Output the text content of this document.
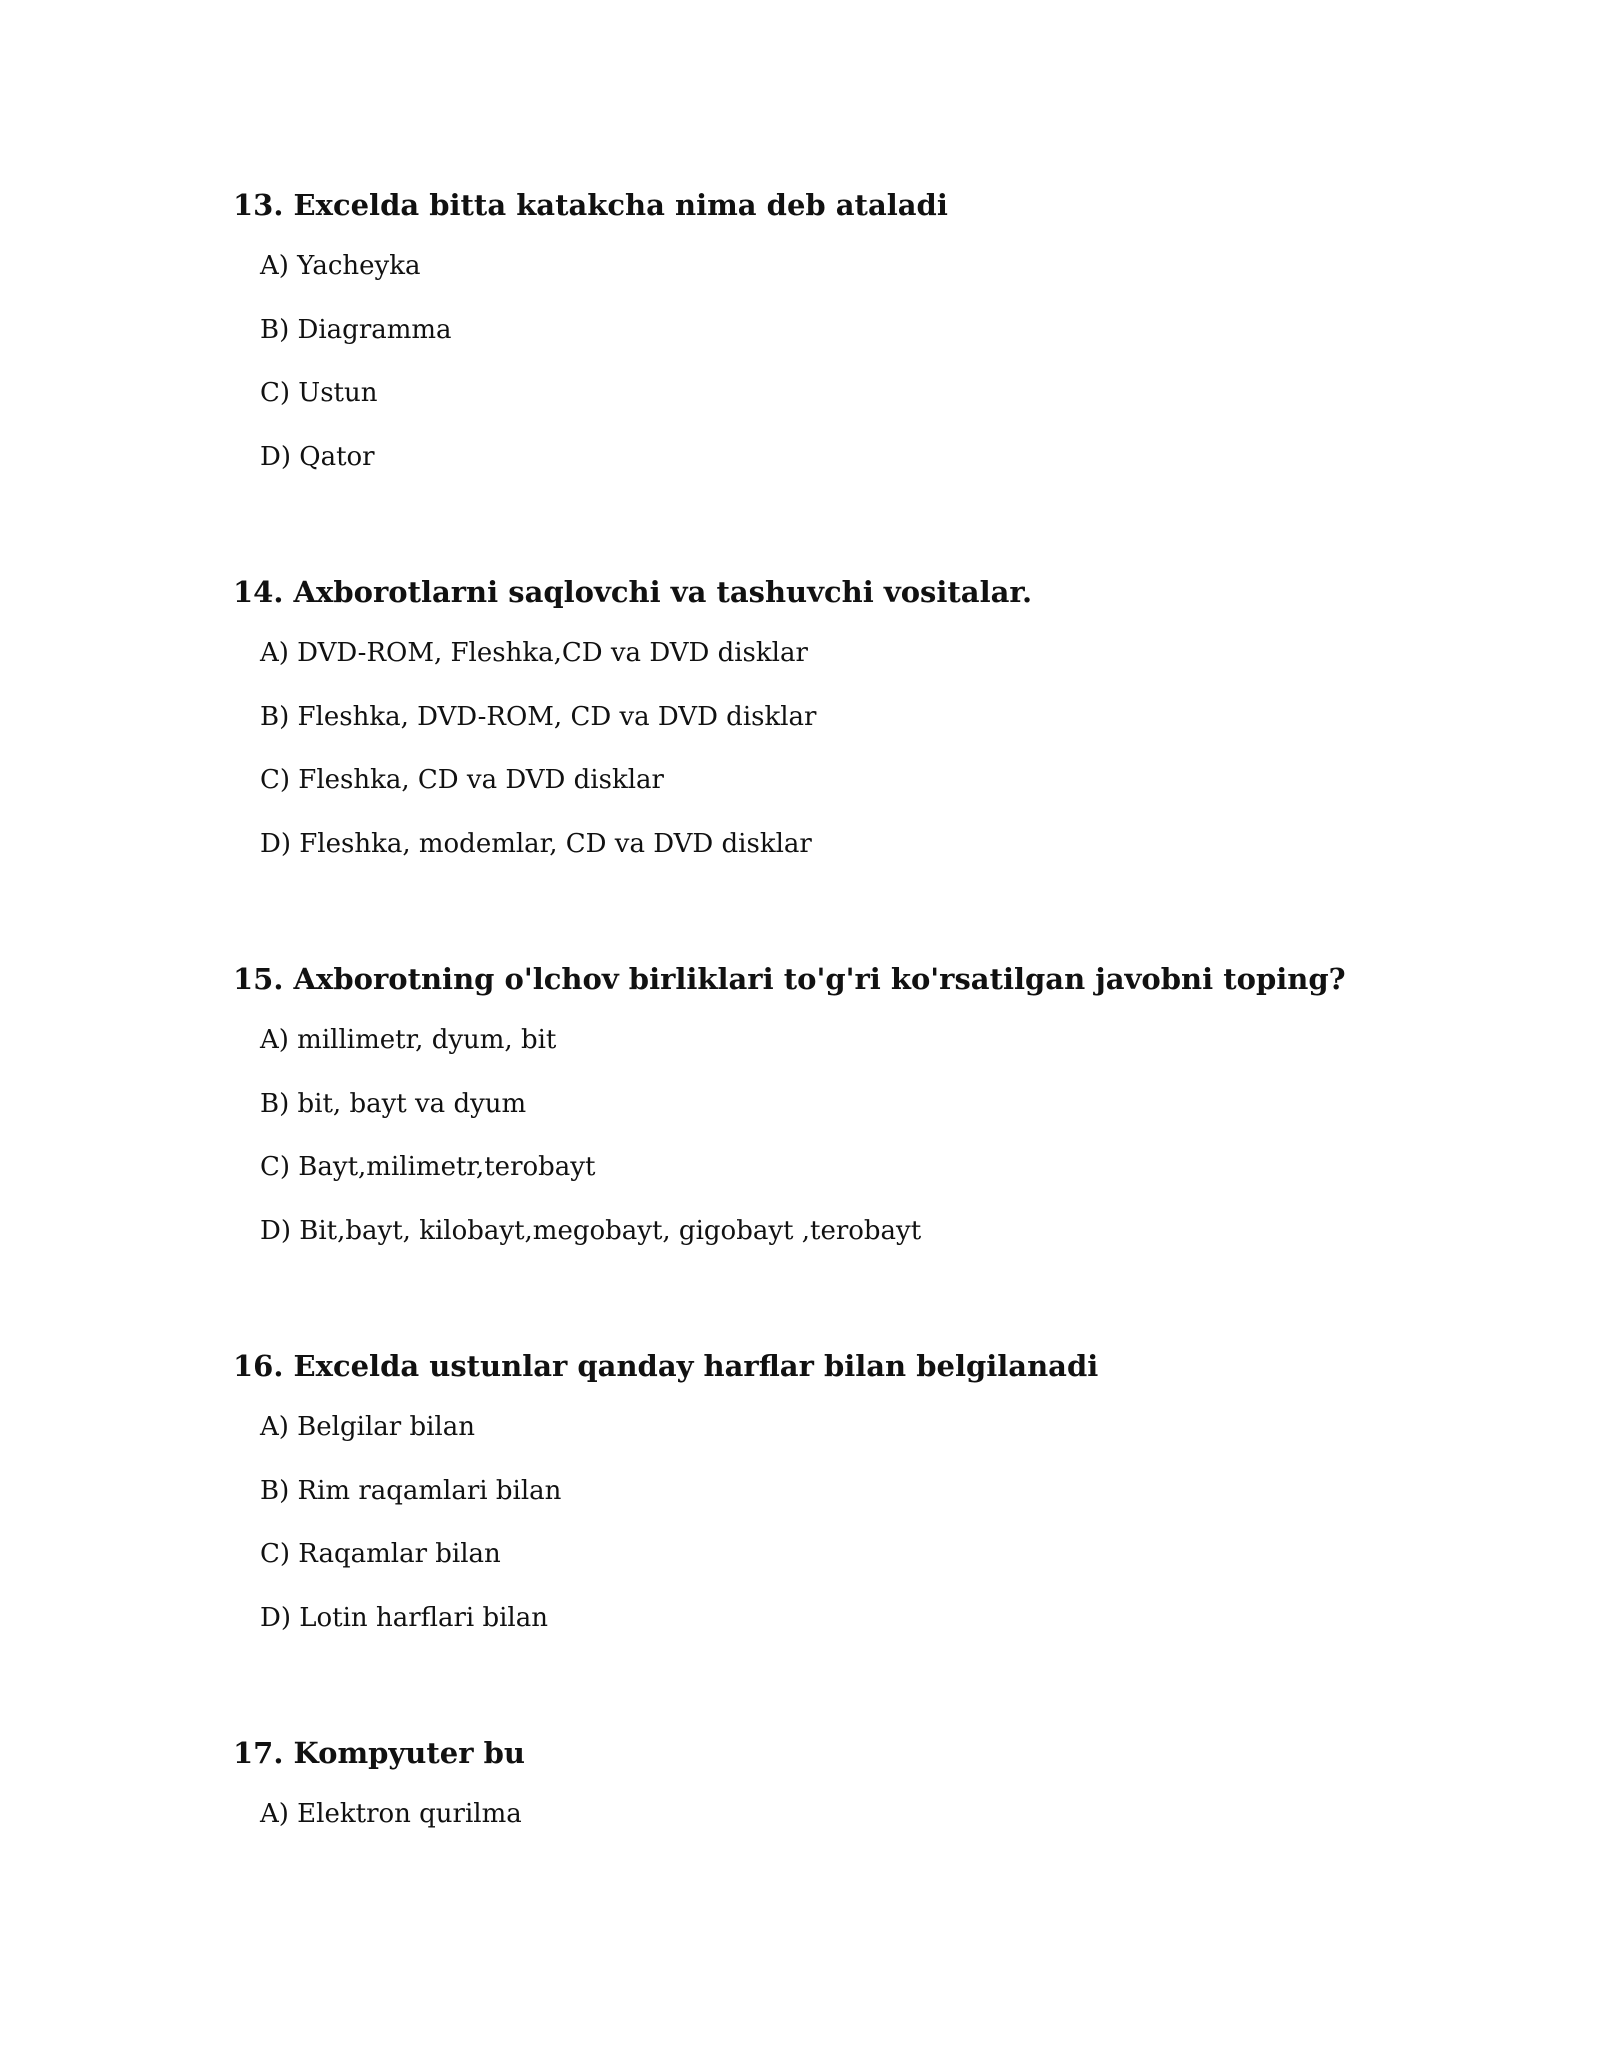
13. Excelda bitta katakcha nima deb ataladi

A) Yacheyka

B) Diagramma

C) Ustun

D) Qator

14. Axborotlarni saqlovchi va tashuvchi vositalar.

A) DVD-ROM, Fleshka,CD va DVD disklar

B) Fleshka, DVD-ROM, CD va DVD disklar

C) Fleshka, CD va DVD disklar

D) Fleshka, modemlar, CD va DVD disklar

15. Axborotning o'lchov birliklari to'g'ri ko'rsatilgan javobni toping?

A) millimetr, dyum, bit

B) bit, bayt va dyum

C) Bayt,milimetr,terobayt

D) Bit,bayt, kilobayt,megobayt, gigobayt ,terobayt

16. Excelda ustunlar qanday harflar bilan belgilanadi

A) Belgilar bilan

B) Rim raqamlari bilan

C) Raqamlar bilan

D) Lotin harflari bilan

17. Kompyuter bu

A) Elektron qurilma
